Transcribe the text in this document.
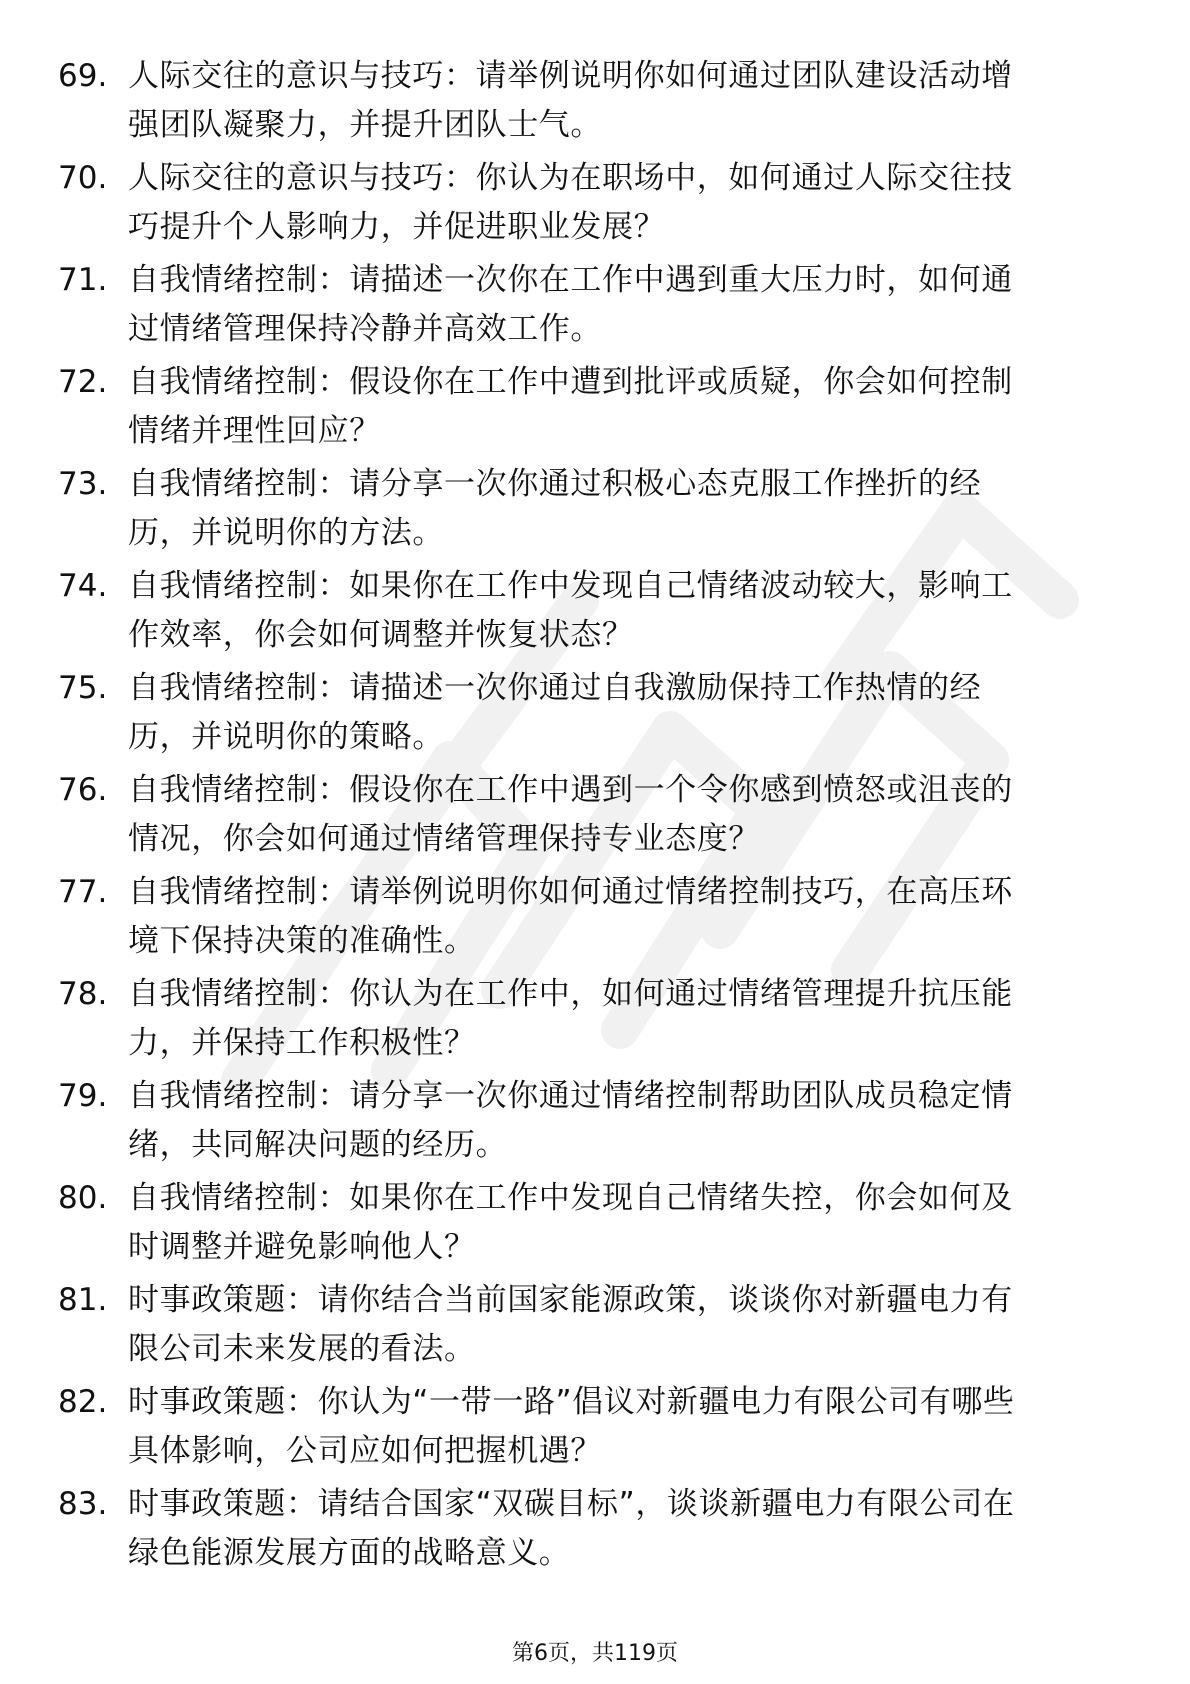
69. 人际交往的意识与技巧：请举例说明你如何通过团队建设活动增
强团队凝聚力，并提升团队士气。
70. 人际交往的意识与技巧：你认为在职场中，如何通过人际交往技
巧提升个人影响力，并促进职业发展？
71. 自我情绪控制：请描述一次你在工作中遇到重大压力时，如何通
过情绪管理保持冷静并高效工作。
72. 自我情绪控制：假设你在工作中遭到批评或质疑，你会如何控制
情绪并理性回应？
73. 自我情绪控制：请分享一次你通过积极心态克服工作挫折的经
历，并说明你的方法。
74. 自我情绪控制：如果你在工作中发现自己情绪波动较大，影响工
作效率，你会如何调整并恢复状态？
75. 自我情绪控制：请描述一次你通过自我激励保持工作热情的经
历，并说明你的策略。
76. 自我情绪控制：假设你在工作中遇到一个令你感到愤怒或沮丧的
情况，你会如何通过情绪管理保持专业态度？
77. 自我情绪控制：请举例说明你如何通过情绪控制技巧，在高压环
境下保持决策的准确性。
78. 自我情绪控制：你认为在工作中，如何通过情绪管理提升抗压能
力，并保持工作积极性？
79. 自我情绪控制：请分享一次你通过情绪控制帮助团队成员稳定情
绪，共同解决问题的经历。
80. 自我情绪控制：如果你在工作中发现自己情绪失控，你会如何及
时调整并避免影响他人？
81. 时事政策题：请你结合当前国家能源政策，谈谈你对新疆电力有
限公司未来发展的看法。
82. 时事政策题：你认为“一带一路”倡议对新疆电力有限公司有哪些
具体影响，公司应如何把握机遇？
83. 时事政策题：请结合国家“双碳目标”，谈谈新疆电力有限公司在
绿色能源发展方面的战略意义。
第6页，共119页
